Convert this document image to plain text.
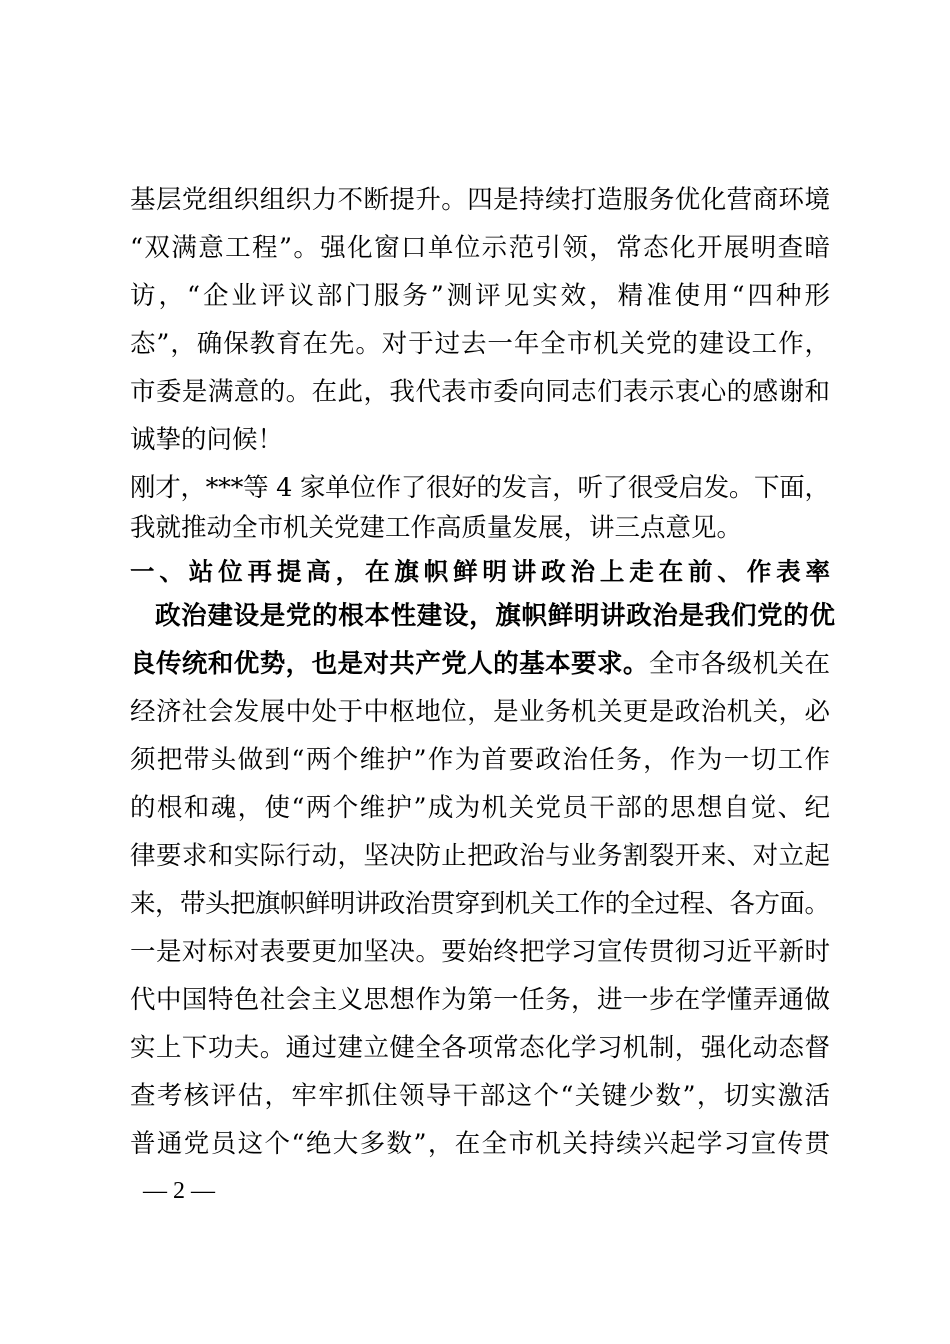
基层党组织组织力不断提升。四是持续打造服务优化营商环境
“双满意工程”。强化窗口单位示范引领，常态化开展明查暗
访，“企业评议部门服务”测评见实效，精准使用“四种形
态”，确保教育在先。对于过去一年全市机关党的建设工作，
市委是满意的。在此，我代表市委向同志们表示衷心的感谢和
诚挚的问候！
刚才，***等 4 家单位作了很好的发言，听了很受启发。下面，
我就推动全市机关党建工作高质量发展，讲三点意见。
一、站位再提高，在旗帜鲜明讲政治上走在前、作表率
政治建设是党的根本性建设，旗帜鲜明讲政治是我们党的优
良传统和优势，也是对共产党人的基本要求。全市各级机关在
经济社会发展中处于中枢地位，是业务机关更是政治机关，必
须把带头做到“两个维护”作为首要政治任务，作为一切工作
的根和魂，使“两个维护”成为机关党员干部的思想自觉、纪
律要求和实际行动，坚决防止把政治与业务割裂开来、对立起
来，带头把旗帜鲜明讲政治贯穿到机关工作的全过程、各方面。
一是对标对表要更加坚决。要始终把学习宣传贯彻习近平新时
代中国特色社会主义思想作为第一任务，进一步在学懂弄通做
实上下功夫。通过建立健全各项常态化学习机制，强化动态督
查考核评估，牢牢抓住领导干部这个“关键少数”，切实激活
普通党员这个“绝大多数”，在全市机关持续兴起学习宣传贯
— 2 —
